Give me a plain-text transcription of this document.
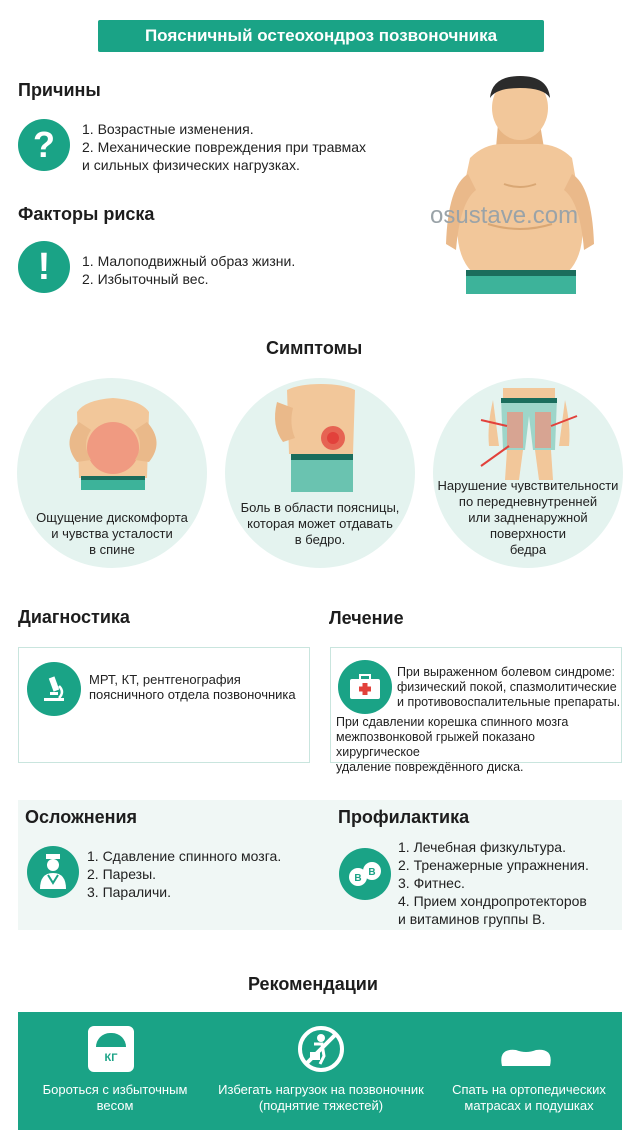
Поясничный остеохондроз позвоночника
Причины
? 1. Возрастные изменения.
2. Механические повреждения при травмах
и сильных физических нагрузках.
Факторы риска
! 1. Малоподвижный образ жизни.
2. Избыточный вес.
osustave.com
Симптомы
Ощущение дискомфорта
и чувства усталости
в спине
Боль в области поясницы,
которая может отдавать
в бедро.
Нарушение чувствительности
по передневнутренней
или задненаружной
поверхности
бедра
Диагностика
МРТ, КТ, рентгенография
поясничного отдела позвоночника
Лечение
При выраженном болевом синдроме:
физический покой, спазмолитические
и противовоспалительные препараты.
При сдавлении корешка спинного мозга
межпозвонковой грыжей показано хирургическое
удаление повреждённого диска.
Осложнения
1. Сдавление спинного мозга.
2. Парезы.
3. Параличи.
Профилактика
B
B
1. Лечебная физкультура.
2. Тренажерные упражнения.
3. Фитнес.
4. Прием хондропротекторов
и витаминов группы В.
Рекомендации
КГ
Бороться с избыточным
весом
Избегать нагрузок на позвоночник
(поднятие тяжестей)
Спать на ортопедических
матрасах и подушках
